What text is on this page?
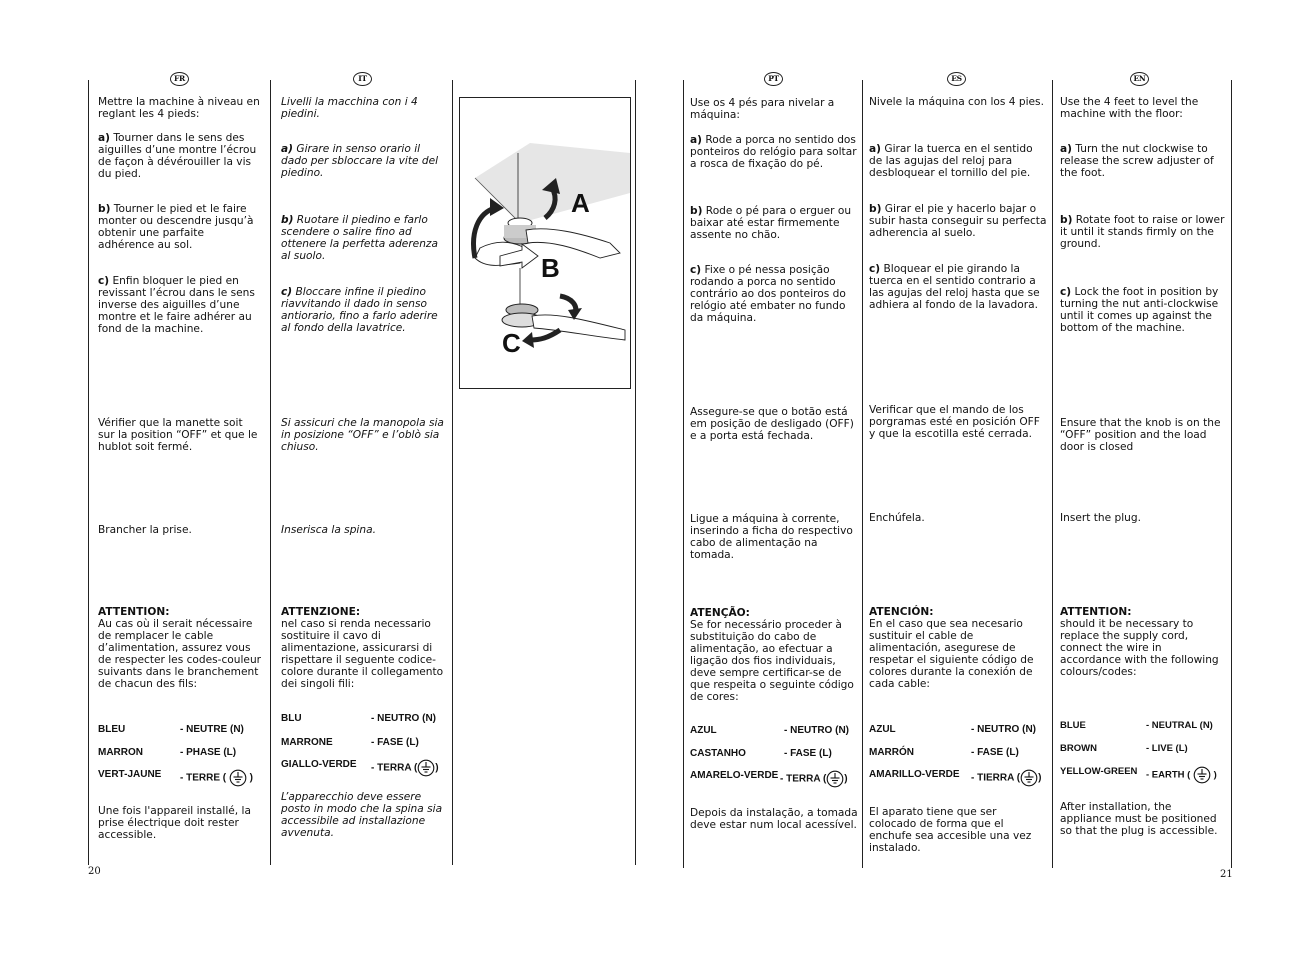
FR	IT	PT	ES	EN

Mettre la machine à niveau en reglant les 4 pieds:

a) Tourner dans le sens des aiguilles d’une montre l’écrou de façon à dévérouiller la vis du pied.

b) Tourner le pied et le faire monter ou descendre jusqu’à obtenir une parfaite adhérence au sol.

c) Enfin bloquer le pied en revissant l’écrou dans le sens inverse des aiguilles d’une montre et le faire adhérer au fond de la machine.

Vérifier que la manette soit sur la position “OFF” et que le hublot soit fermé.

Brancher la prise.

ATTENTION:
Au cas où il serait nécessaire de remplacer le cable d’alimentation, assurez vous de respecter les codes-couleur suivants dans le branchement de chacun des fils:

BLEU	- NEUTRE (N)
MARRON	- PHASE (L)
VERT-JAUNE - TERRE ( )

Une fois l'appareil installé, la prise électrique doit rester accessible.

Livelli la macchina con i 4 piedini.

a) Girare in senso orario il dado per sbloccare la vite del piedino.

b) Ruotare il piedino e farlo scendere o salire fino ad ottenere la perfetta aderenza al suolo.

c) Bloccare infine il piedino riavvitando il dado in senso antiorario, fino a farlo aderire al fondo della lavatrice.

Si assicuri che la manopola sia in posizione “OFF” e l’oblò sia chiuso.

Inserisca la spina.

ATTENZIONE:
nel caso si renda necessario sostituire il cavo di alimentazione, assicurarsi di rispettare il seguente codice-colore durante il collegamento dei singoli fili:

BLU	- NEUTRO (N)
MARRONE	- FASE (L)
GIALLO-VERDE - TERRA ( )

L’apparecchio deve essere posto in modo che la spina sia accessibile ad installazione avvenuta.

A
B
C

Use os 4 pés para nivelar a máquina:

a) Rode a porca no sentido dos ponteiros do relógio para soltar a rosca de fixação do pé.

b) Rode o pé para o erguer ou baixar até estar firmemente assente no chão.

c) Fixe o pé nessa posição rodando a porca no sentido contrário ao dos ponteiros do relógio até embater no fundo da máquina.

Assegure-se que o botão está em posição de desligado (OFF) e a porta está fechada.

Ligue a máquina à corrente, inserindo a ficha do respectivo cabo de alimentação na tomada.

ATENÇÃO:
Se for necessário proceder à substituição do cabo de alimentação, ao efectuar a ligação dos fios individuais, deve sempre certificar-se de que respeita o seguinte código de cores:

AZUL	- NEUTRO (N)
CASTANHO	- FASE (L)
AMARELO-VERDE - TERRA ( )

Depois da instalação, a tomada deve estar num local acessível.

Nivele la máquina con los 4 pies.

a) Girar la tuerca en el sentido de las agujas del reloj para desbloquear el tornillo del pie.

b) Girar el pie y hacerlo bajar o subir hasta conseguir su perfecta adherencia al suelo.

c) Bloquear el pie girando la tuerca en el sentido contrario a las agujas del reloj hasta que se adhiera al fondo de la lavadora.

Verificar que el mando de los porgramas esté en posición OFF y que la escotilla esté cerrada.

Enchúfela.

ATENCIÓN:
En el caso que sea necesario sustituir el cable de alimentación, asegurese de respetar el siguiente código de colores durante la conexión de cada cable:

AZUL	- NEUTRO (N)
MARRÓN	- FASE (L)
AMARILLO-VERDE - TIERRA ( )

El aparato tiene que ser colocado de forma que el enchufe sea accesible una vez instalado.

Use the 4 feet to level the machine with the floor:

a) Turn the nut clockwise to release the screw adjuster of the foot.

b) Rotate foot to raise or lower it until it stands firmly on the ground.

c) Lock the foot in position by turning the nut anti-clockwise until it comes up against the bottom of the machine.

Ensure that the knob is on the “OFF” position and the load door is closed

Insert the plug.

ATTENTION:
should it be necessary to replace the supply cord, connect the wire in accordance with the following colours/codes:

BLUE	- NEUTRAL (N)
BROWN	- LIVE (L)
YELLOW-GREEN - EARTH ( )

After installation, the appliance must be positioned so that the plug is accessible.

20	21
